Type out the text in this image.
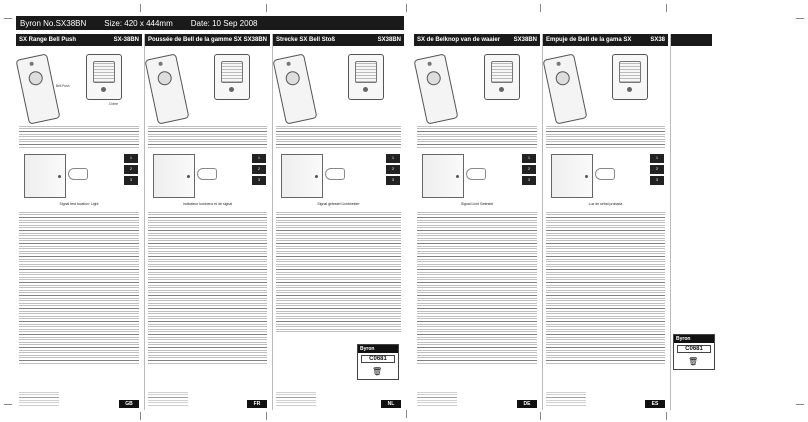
Byron No.SX38BN Size: 420 x 444mm Date: 10 Sep 2008
SX Range Bell Push	SX-38BN
Bell Push
Chime
1
2
3
Signal test location: Light
GB
Poussée de Bell de la gamme SX SX38BN
1
2
3
Indicateur lumineux et de signal
FR
Strecke SX Bell Stoß	SX38BN
1
2
3
Signal getestet Lichtmelder
Byron
C0681
🗑
NL
SX de Belknop van de waaier SX38BN
1
2
3
Signal Licht Getestet
DE
Empuje de Bell de la gama SX	SX38
1
2
3
Luz de señal probada
ES
Byron
C0681
🗑
